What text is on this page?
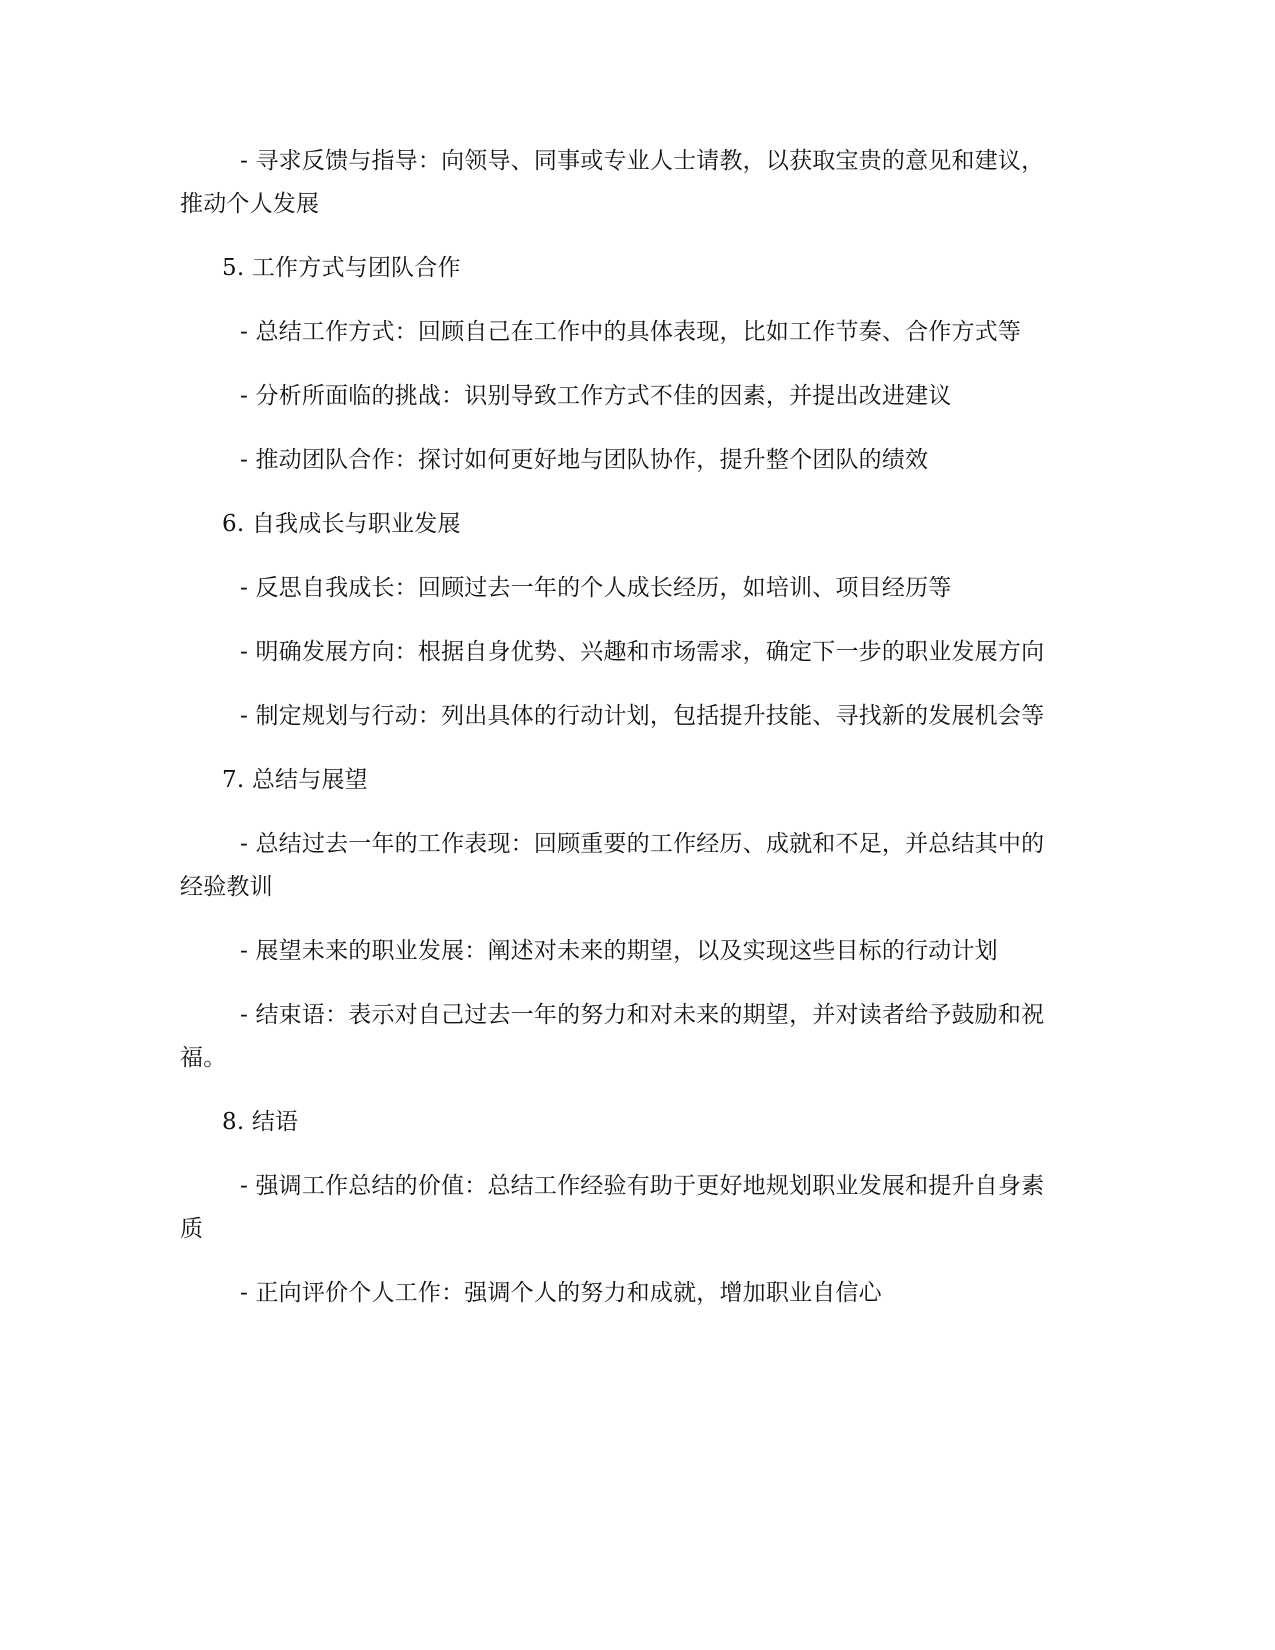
- 寻求反馈与指导：向领导、同事或专业人士请教，以获取宝贵的意见和建议，推动个人发展

5. 工作方式与团队合作

- 总结工作方式：回顾自己在工作中的具体表现，比如工作节奏、合作方式等

- 分析所面临的挑战：识别导致工作方式不佳的因素，并提出改进建议

- 推动团队合作：探讨如何更好地与团队协作，提升整个团队的绩效

6. 自我成长与职业发展

- 反思自我成长：回顾过去一年的个人成长经历，如培训、项目经历等

- 明确发展方向：根据自身优势、兴趣和市场需求，确定下一步的职业发展方向

- 制定规划与行动：列出具体的行动计划，包括提升技能、寻找新的发展机会等

7. 总结与展望

- 总结过去一年的工作表现：回顾重要的工作经历、成就和不足，并总结其中的经验教训

- 展望未来的职业发展：阐述对未来的期望，以及实现这些目标的行动计划

- 结束语：表示对自己过去一年的努力和对未来的期望，并对读者给予鼓励和祝福。

8. 结语

- 强调工作总结的价值：总结工作经验有助于更好地规划职业发展和提升自身素质

- 正向评价个人工作：强调个人的努力和成就，增加职业自信心
